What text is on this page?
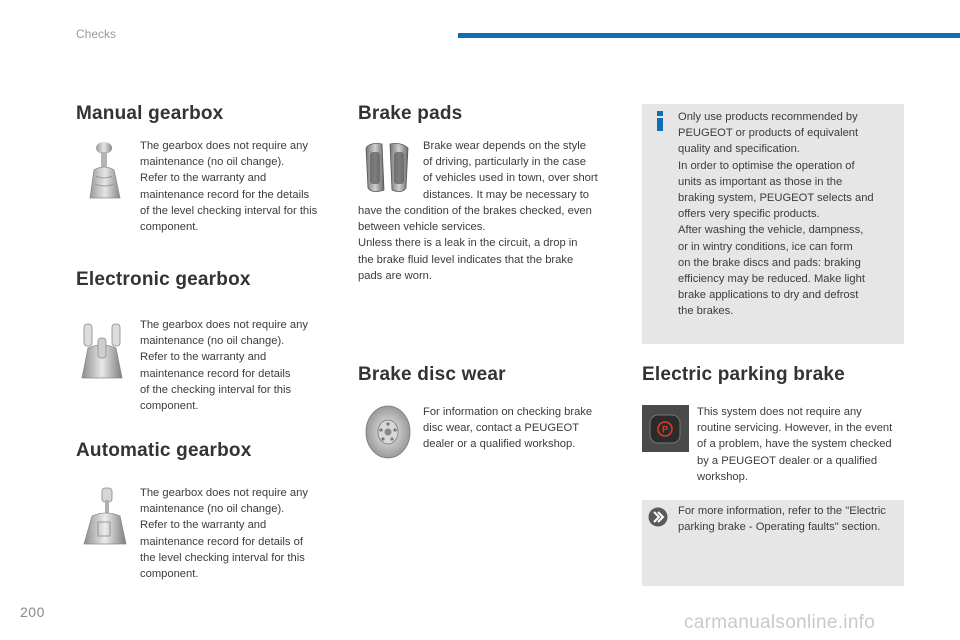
Checks
Manual gearbox
The gearbox does not require any
maintenance (no oil change).
Refer to the warranty and
maintenance record for the details
of the level checking interval for this
component.
Electronic gearbox
The gearbox does not require any
maintenance (no oil change).
Refer to the warranty and
maintenance record for details
of the checking interval for this
component.
Automatic gearbox
The gearbox does not require any
maintenance (no oil change).
Refer to the warranty and
maintenance record for details of
the level checking interval for this
component.
Brake pads
Brake wear depends on the style
of driving, particularly in the case
of vehicles used in town, over short
distances. It may be necessary to
have the condition of the brakes checked, even
between vehicle services.
Unless there is a leak in the circuit, a drop in
the brake fluid level indicates that the brake
pads are worn.
Only use products recommended by
PEUGEOT or products of equivalent
quality and specification.
In order to optimise the operation of
units as important as those in the
braking system, PEUGEOT selects and
offers very specific products.
After washing the vehicle, dampness,
or in wintry conditions, ice can form
on the brake discs and pads: braking
efficiency may be reduced. Make light
brake applications to dry and defrost
the brakes.
Brake disc wear
For information on checking brake
disc wear, contact a PEUGEOT
dealer or a qualified workshop.
Electric parking brake
P
This system does not require any
routine servicing. However, in the event
of a problem, have the system checked
by a PEUGEOT dealer or a qualified
workshop.
For more information, refer to the "Electric
parking brake - Operating faults" section.
200	carmanualsonline.info
